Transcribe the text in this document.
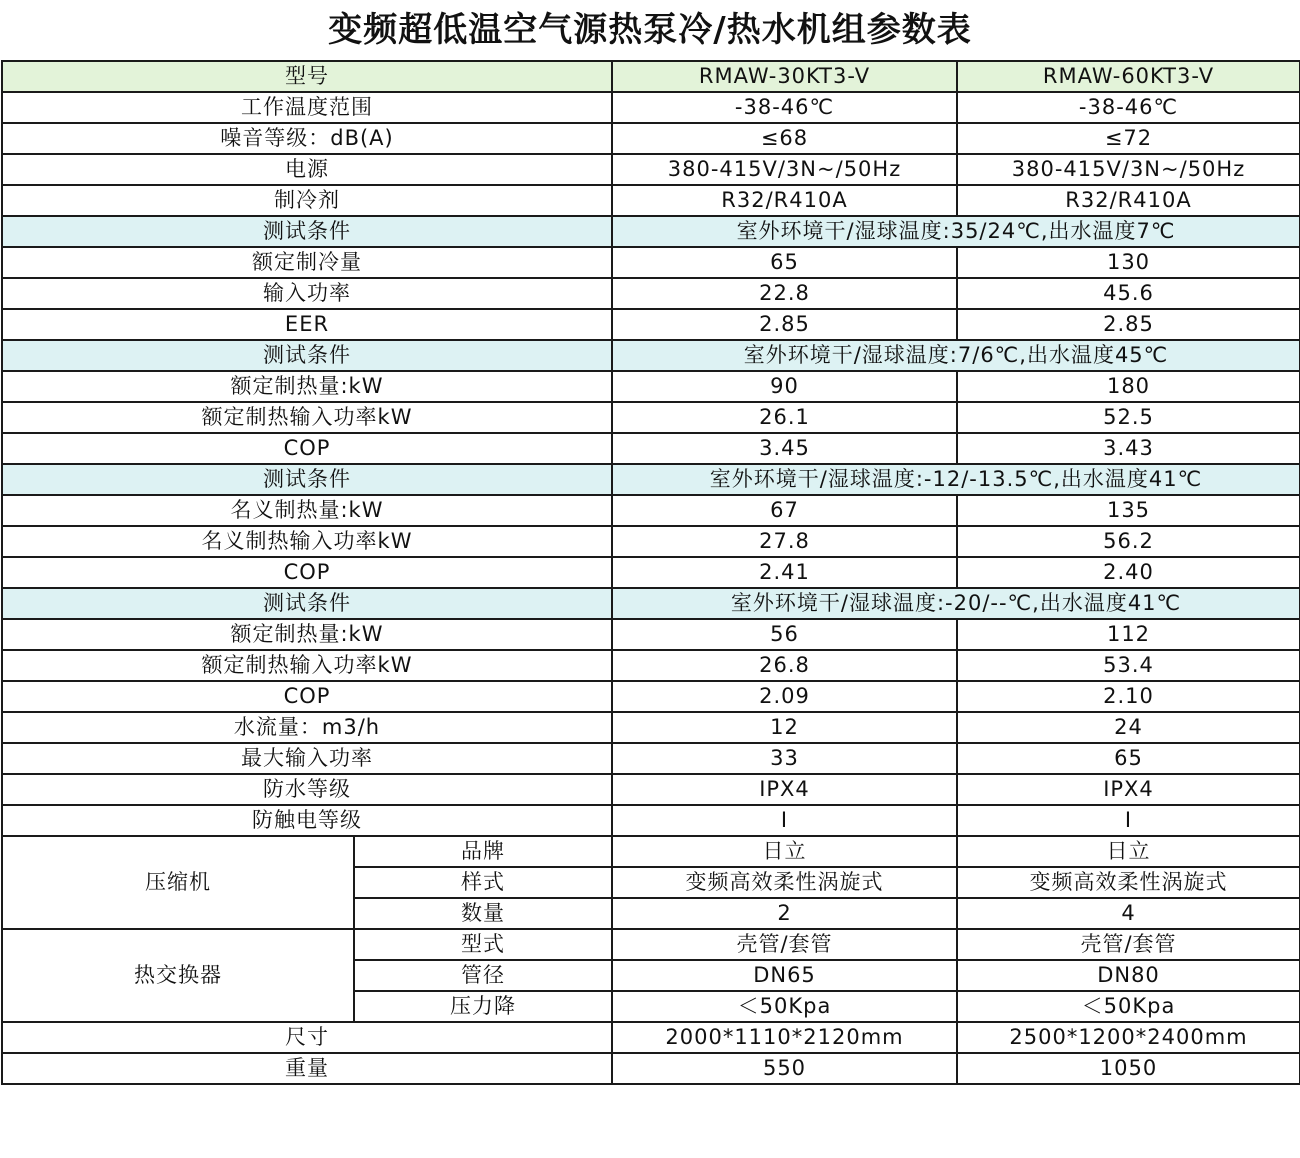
变频超低温空气源热泵冷/热水机组参数表
型号		RMAW-30KT3-V	RMAW-60KT3-V
工作温度范围		-38-46℃	-38-46℃
噪音等级：dB(A)		≤68	≤72
电源		380-415V/3N~/50Hz	380-415V/3N~/50Hz
制冷剂		R32/R410A	R32/R410A
测试条件		室外环境干/湿球温度:35/24℃,出水温度7℃	
额定制冷量		65	130
输入功率		22.8	45.6
EER		2.85	2.85
测试条件		室外环境干/湿球温度:7/6℃,出水温度45℃	
额定制热量:kW		90	180
额定制热输入功率kW		26.1	52.5
COP		3.45	3.43
测试条件		室外环境干/湿球温度:-12/-13.5℃,出水温度41℃	
名义制热量:kW		67	135
名义制热输入功率kW		27.8	56.2
COP		2.41	2.40
测试条件		室外环境干/湿球温度:-20/--℃,出水温度41℃	
额定制热量:kW		56	112
额定制热输入功率kW		26.8	53.4
COP		2.09	2.10
水流量：m3/h		12	24
最大输入功率		33	65
防水等级		IPX4	IPX4
防触电等级		I	I
压缩机	品牌	日立	日立
	样式	变频高效柔性涡旋式	变频高效柔性涡旋式
	数量	2	4
热交换器	型式	壳管/套管	壳管/套管
	管径	DN65	DN80
	压力降	＜50Kpa	＜50Kpa
尺寸		2000*1110*2120mm	2500*1200*2400mm
重量		550	1050
